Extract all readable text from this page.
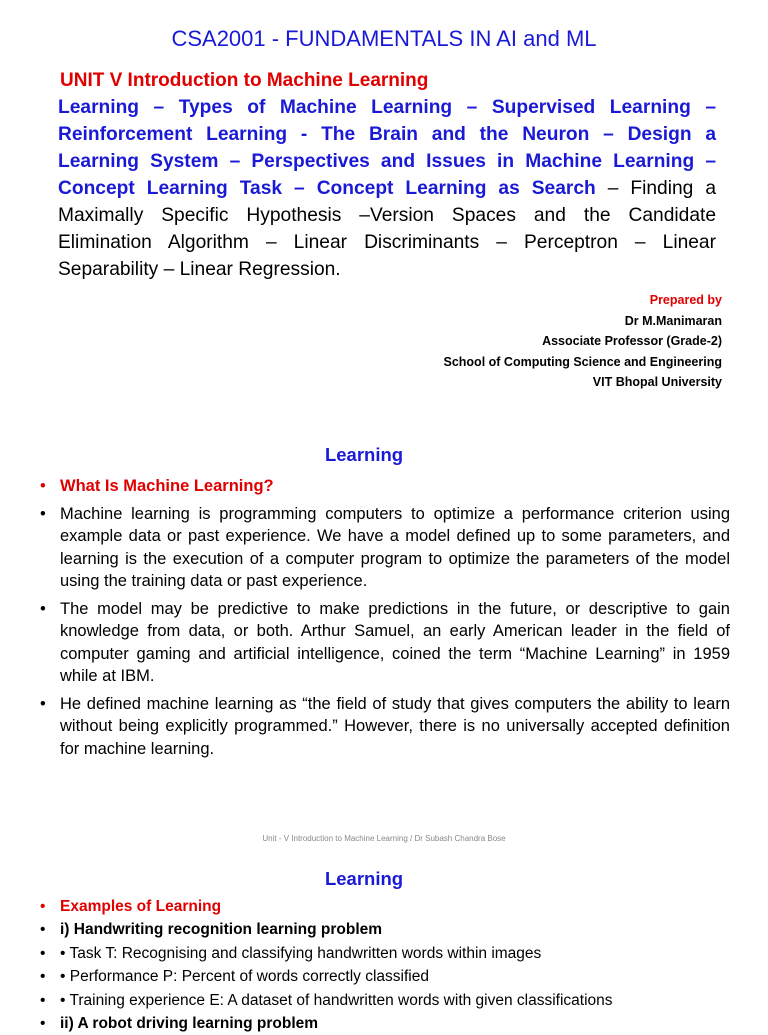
CSA2001 - FUNDAMENTALS IN AI and ML
UNIT V Introduction to Machine Learning
Learning – Types of Machine Learning – Supervised Learning – Reinforcement Learning - The Brain and the Neuron – Design a Learning System – Perspectives and Issues in Machine Learning – Concept Learning Task – Concept Learning as Search – Finding a Maximally Specific Hypothesis –Version Spaces and the Candidate Elimination Algorithm – Linear Discriminants – Perceptron – Linear Separability – Linear Regression.
Prepared by
Dr M.Manimaran
Associate Professor (Grade-2)
School of Computing Science and Engineering
VIT Bhopal University
Learning
• What Is Machine Learning?
• Machine learning is programming computers to optimize a performance criterion using example data or past experience. We have a model defined up to some parameters, and learning is the execution of a computer program to optimize the parameters of the model using the training data or past experience.
• The model may be predictive to make predictions in the future, or descriptive to gain knowledge from data, or both. Arthur Samuel, an early American leader in the field of computer gaming and artificial intelligence, coined the term “Machine Learning” in 1959 while at IBM.
• He defined machine learning as “the field of study that gives computers the ability to learn without being explicitly programmed.” However, there is no universally accepted definition for machine learning.
Unit - V Introduction to Machine Learning / Dr Subash Chandra Bose
Learning
• Examples of Learning
• i) Handwriting recognition learning problem
• • Task T: Recognising and classifying handwritten words within images
• • Performance P: Percent of words correctly classified
• • Training experience E: A dataset of handwritten words with given classifications
• ii) A robot driving learning problem
